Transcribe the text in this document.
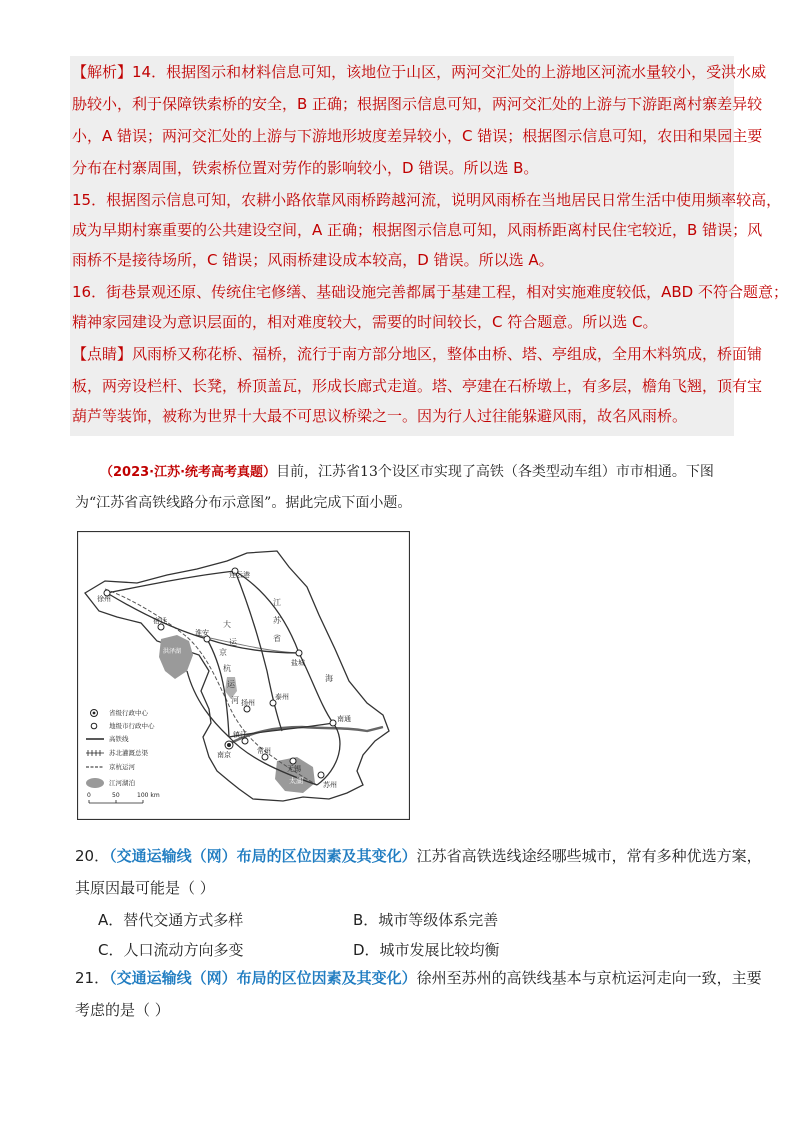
【解析】14．根据图示和材料信息可知，该地位于山区，两河交汇处的上游地区河流水量较小，受洪水威
胁较小，利于保障铁索桥的安全，B 正确；根据图示信息可知，两河交汇处的上游与下游距离村寨差异较
小，A 错误；两河交汇处的上游与下游地形坡度差异较小，C 错误；根据图示信息可知，农田和果园主要
分布在村寨周围，铁索桥位置对劳作的影响较小，D 错误。所以选 B。
15．根据图示信息可知，农耕小路依靠风雨桥跨越河流，说明风雨桥在当地居民日常生活中使用频率较高，
成为早期村寨重要的公共建设空间，A 正确；根据图示信息可知，风雨桥距离村民住宅较近，B 错误；风
雨桥不是接待场所，C 错误；风雨桥建设成本较高，D 错误。所以选 A。
16．街巷景观还原、传统住宅修缮、基础设施完善都属于基建工程，相对实施难度较低，ABD 不符合题意；
精神家园建设为意识层面的，相对难度较大，需要的时间较长，C 符合题意。所以选 C。
【点睛】风雨桥又称花桥、福桥，流行于南方部分地区，整体由桥、塔、亭组成，全用木料筑成，桥面铺
板，两旁设栏杆、长凳，桥顶盖瓦，形成长廊式走道。塔、亭建在石桥墩上，有多层，檐角飞翘，顶有宝
葫芦等装饰，被称为世界十大最不可思议桥梁之一。因为行人过往能躲避风雨，故名风雨桥。
（2023·江苏·统考高考真题）目前，江苏省13个设区市实现了高铁（各类型动车组）市市相通。下图
为“江苏省高铁线路分布示意图”。据此完成下面小题。
连云港
徐州
宿迁
淮安
盐城
泰州
扬州
南通
镇江
南京	常州
无锡
苏州
江
苏
省
洪泽湖
太湖
京
杭
运
河
大
运
海
省级行政中心
地级市行政中心
高铁线
苏北灌溉总渠
京杭运河
江河湖泊
0	50	100 km
20．（交通运输线（网）布局的区位因素及其变化）江苏省高铁选线途经哪些城市，常有多种优选方案，
其原因最可能是（ ）
A．替代交通方式多样	B．城市等级体系完善
C．人口流动方向多变	D．城市发展比较均衡
21．（交通运输线（网）布局的区位因素及其变化）徐州至苏州的高铁线基本与京杭运河走向一致，主要
考虑的是（ ）
